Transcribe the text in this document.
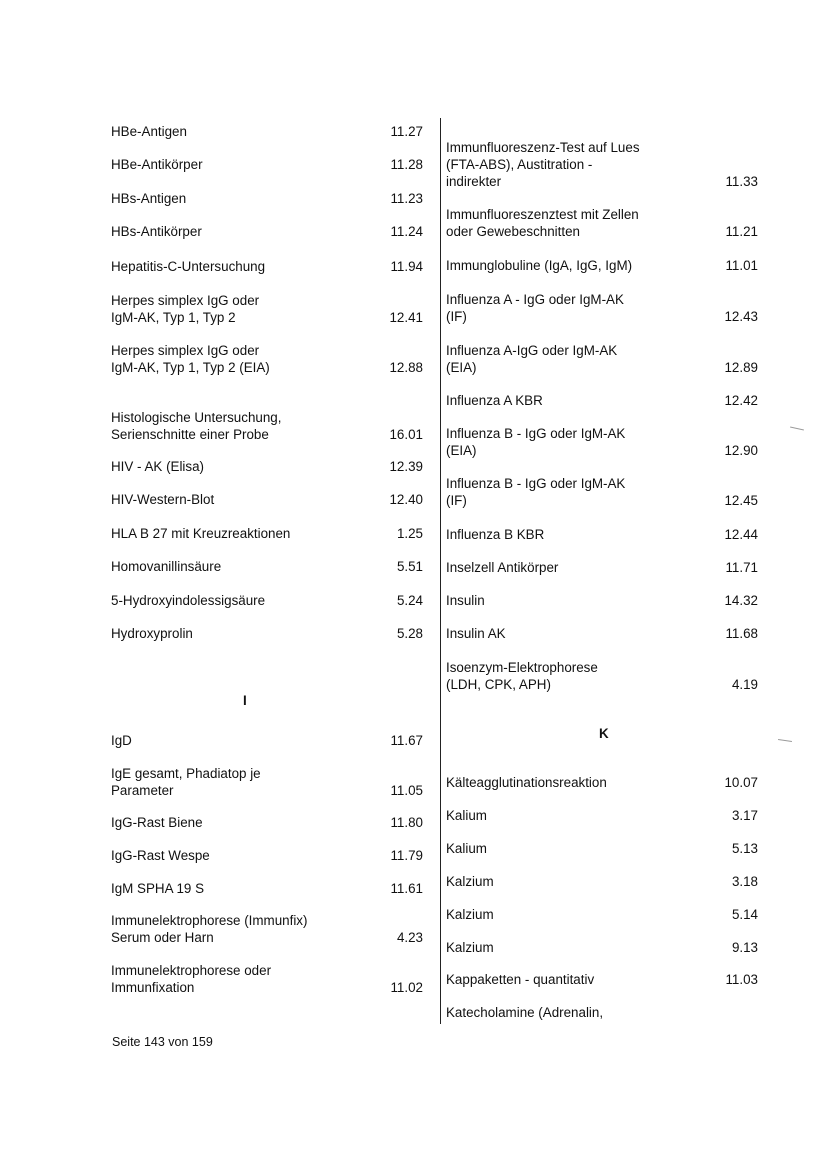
HBe-Antigen	11.27
HBe-Antikörper	11.28
HBs-Antigen	11.23
HBs-Antikörper	11.24
Hepatitis-C-Untersuchung	11.94
Herpes simplex IgG oder
IgM-AK, Typ 1, Typ 2	12.41
Herpes simplex IgG oder
IgM-AK, Typ 1, Typ 2 (EIA)	12.88
Histologische Untersuchung,
Serienschnitte einer Probe	16.01
HIV - AK (Elisa)	12.39
HIV-Western-Blot	12.40
HLA B 27 mit Kreuzreaktionen	1.25
Homovanillinsäure	5.51
5-Hydroxyindolessigsäure	5.24
Hydroxyprolin	5.28
I
IgD	11.67
IgE gesamt, Phadiatop je
Parameter	11.05
IgG-Rast Biene	11.80
IgG-Rast Wespe	11.79
IgM SPHA 19 S	11.61
Immunelektrophorese (Immunfix)
Serum oder Harn	4.23
Immunelektrophorese oder
Immunfixation	11.02
Immunfluoreszenz-Test auf Lues
(FTA-ABS), Austitration -
indirekter	11.33
Immunfluoreszenztest mit Zellen
oder Gewebeschnitten	11.21
Immunglobuline (IgA, IgG, IgM)	11.01
Influenza A - IgG oder IgM-AK
(IF)	12.43
Influenza A-IgG oder IgM-AK
(EIA)	12.89
Influenza A KBR	12.42
Influenza B - IgG oder IgM-AK
(EIA)	12.90
Influenza B - IgG oder IgM-AK
(IF)	12.45
Influenza B KBR	12.44
Inselzell Antikörper	11.71
Insulin	14.32
Insulin AK	11.68
Isoenzym-Elektrophorese
(LDH, CPK, APH)	4.19
K
Kälteagglutinationsreaktion	10.07
Kalium	3.17
Kalium	5.13
Kalzium	3.18
Kalzium	5.14
Kalzium	9.13
Kappaketten - quantitativ	11.03
Katecholamine (Adrenalin,
Seite 143 von 159
